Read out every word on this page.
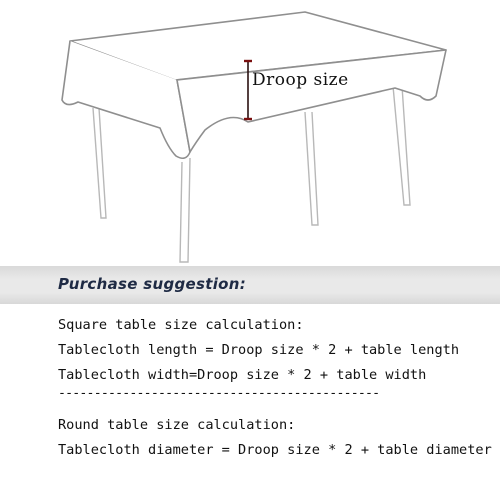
Droop size
Purchase suggestion:
Square table size calculation:
Tablecloth length = Droop size * 2 + table length
Tablecloth width=Droop size * 2 + table width
---------------------------------------------
Round table size calculation:
Tablecloth diameter = Droop size * 2 + table diameter
